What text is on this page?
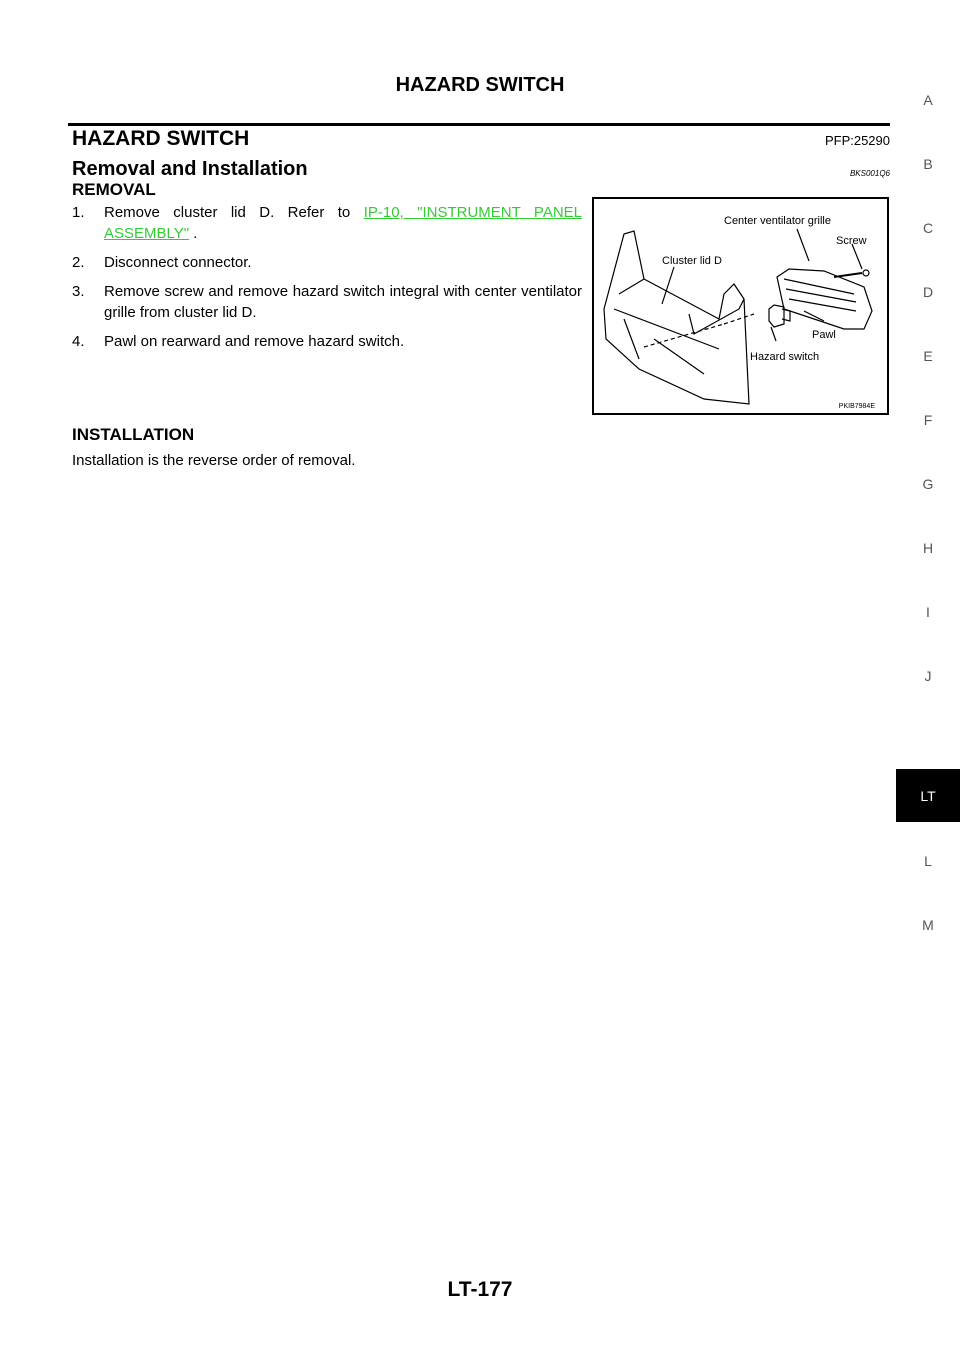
HAZARD SWITCH
HAZARD SWITCH	PFP:25290
Removal and Installation	BKS001Q6
REMOVAL
1.	Remove cluster lid D. Refer to IP-10, "INSTRUMENT PANEL ASSEMBLY" .
2.	Disconnect connector.
3.	Remove screw and remove hazard switch integral with center ventilator grille from cluster lid D.
4.	Pawl on rearward and remove hazard switch.
Center ventilator grille
Screw
Cluster lid D
Pawl
Hazard switch
PKIB7984E
INSTALLATION
Installation is the reverse order of removal.
A
B
C
D
E
F
G
H
I
J
LT
L
M
LT-177
